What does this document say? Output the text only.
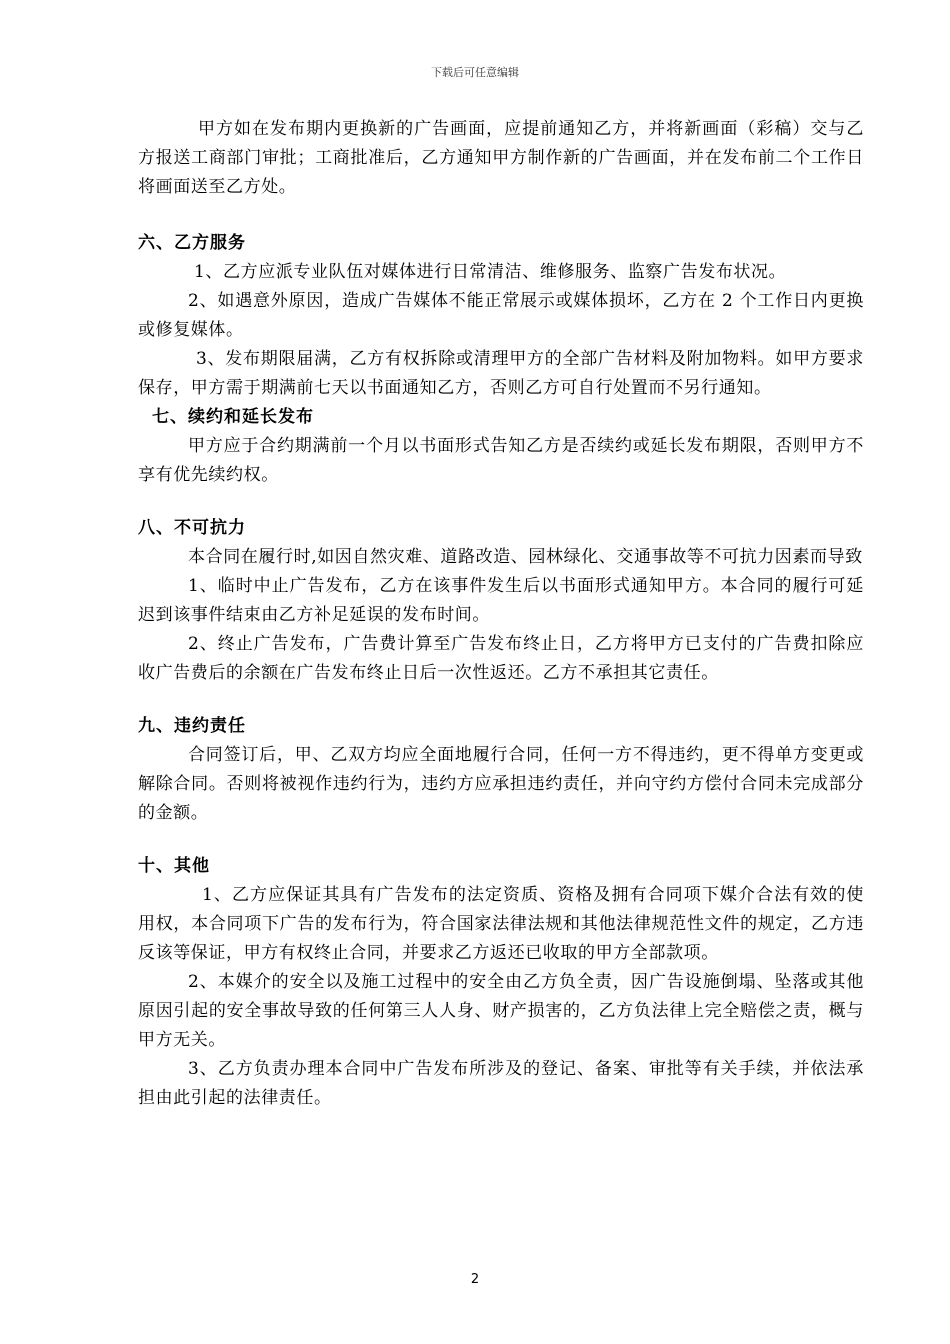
下载后可任意编辑

甲方如在发布期内更换新的广告画面，应提前通知乙方，并将新画面（彩稿）交与乙方报送工商部门审批；工商批准后，乙方通知甲方制作新的广告画面，并在发布前二个工作日将画面送至乙方处。

六、乙方服务

1、乙方应派专业队伍对媒体进行日常清洁、维修服务、监察广告发布状况。

2、如遇意外原因，造成广告媒体不能正常展示或媒体损坏，乙方在 2 个工作日内更换或修复媒体。

3、发布期限届满，乙方有权拆除或清理甲方的全部广告材料及附加物料。如甲方要求保存，甲方需于期满前七天以书面通知乙方，否则乙方可自行处置而不另行通知。

七、续约和延长发布

甲方应于合约期满前一个月以书面形式告知乙方是否续约或延长发布期限，否则甲方不享有优先续约权。

八、不可抗力

本合同在履行时,如因自然灾难、道路改造、园林绿化、交通事故等不可抗力因素而导致

1、临时中止广告发布，乙方在该事件发生后以书面形式通知甲方。本合同的履行可延迟到该事件结束由乙方补足延误的发布时间。

2、终止广告发布，广告费计算至广告发布终止日，乙方将甲方已支付的广告费扣除应收广告费后的余额在广告发布终止日后一次性返还。乙方不承担其它责任。

九、违约责任

合同签订后，甲、乙双方均应全面地履行合同，任何一方不得违约，更不得单方变更或解除合同。否则将被视作违约行为，违约方应承担违约责任，并向守约方偿付合同未完成部分的金额。

十、其他

1、乙方应保证其具有广告发布的法定资质、资格及拥有合同项下媒介合法有效的使用权，本合同项下广告的发布行为，符合国家法律法规和其他法律规范性文件的规定，乙方违反该等保证，甲方有权终止合同，并要求乙方返还已收取的甲方全部款项。

2、本媒介的安全以及施工过程中的安全由乙方负全责，因广告设施倒塌、坠落或其他原因引起的安全事故导致的任何第三人人身、财产损害的，乙方负法律上完全赔偿之责，概与甲方无关。

3、乙方负责办理本合同中广告发布所涉及的登记、备案、审批等有关手续，并依法承担由此引起的法律责任。

2
